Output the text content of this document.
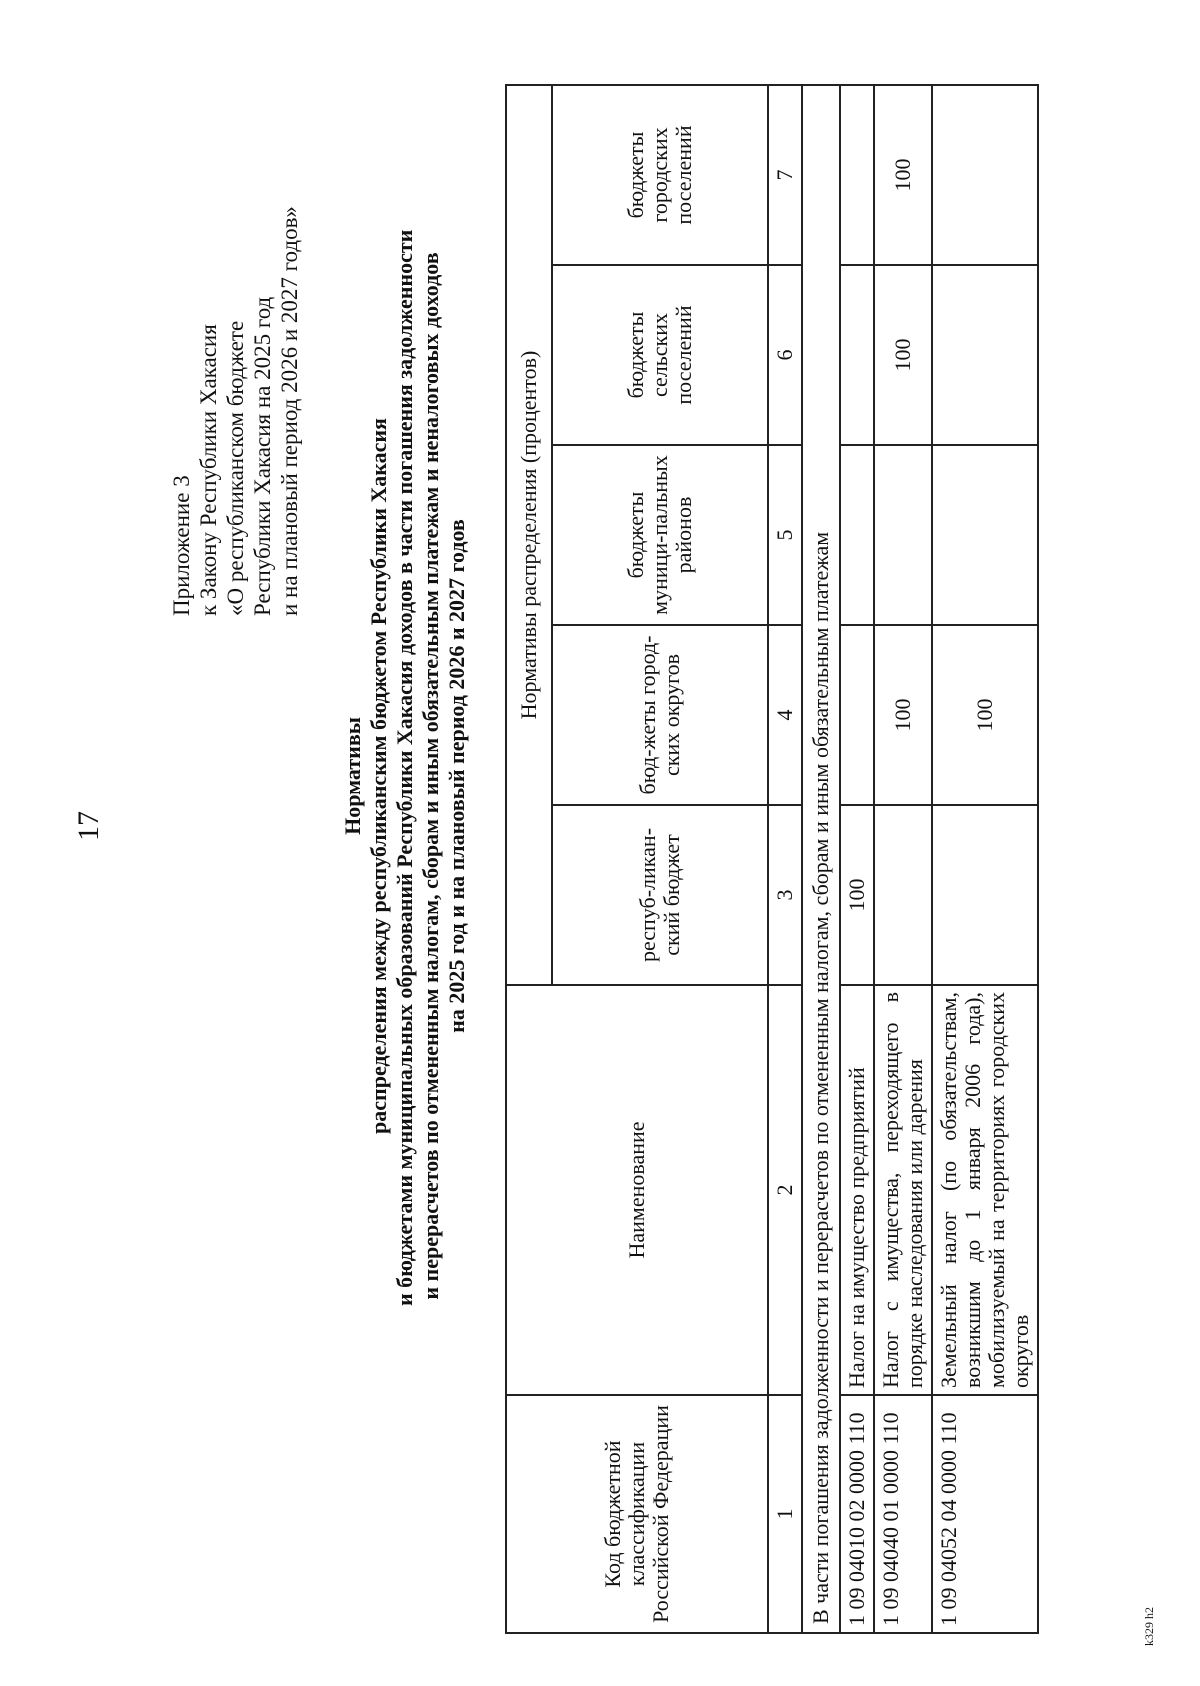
17
Приложение 3 к Закону Республики Хакасия «О республиканском бюджете Республики Хакасия на 2025 год и на плановый период 2026 и 2027 годов»
Нормативы распределения между республиканским бюджетом Республики Хакасия и бюджетами муниципальных образований Республики Хакасия доходов в части погашения задолженности и перерасчетов по отмененным налогам, сборам и иным обязательным платежам и неналоговых доходов на 2025 год и на плановый период 2026 и 2027 годов
Код бюджетной классификации Российской Федерации	Наименование	Нормативы распределения (процентов)				
		респуб-ликан-ский бюджет	бюд-жеты город-ских округов	бюджеты муници-пальных районов	бюджеты сельских поселений	бюджеты городских поселений
1	2	3	4	5	6	7
В части погашения задолженности и перерасчетов по отмененным налогам, сборам и иным обязательным платежам						
1 09 04010 02 0000 110	Налог на имущество предприятий	100				
1 09 04040 01 0000 110	Налог с имущества, переходящего в порядке наследования или дарения		100		100	100
1 09 04052 04 0000 110	Земельный налог (по обязательствам, возникшим до 1 января 2006 года), мобилизуемый на территориях городских округов		100			
k329 h2
